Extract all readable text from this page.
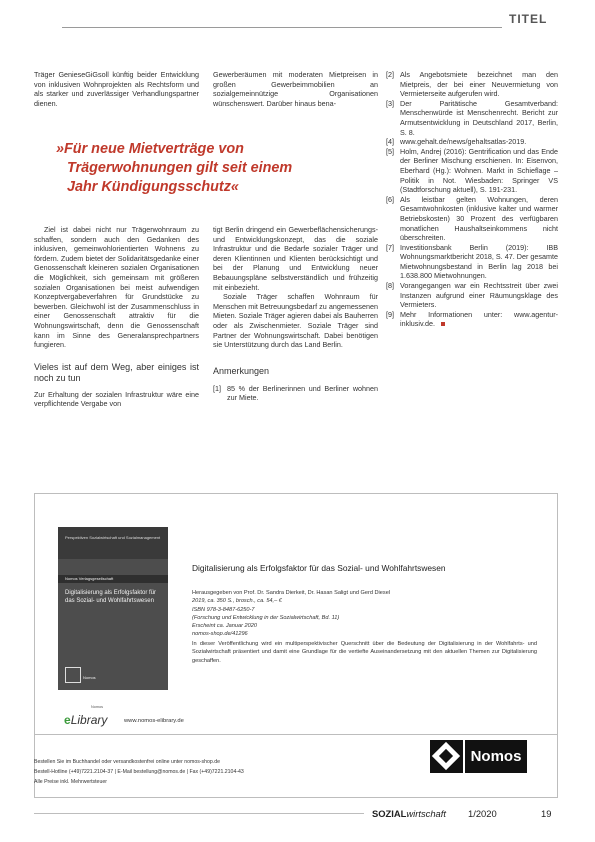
TITEL

Träger GenieseGiGsoll künftig beider Entwicklung von inklusiven Wohnprojekten als Rechtsform und als starker und zuverlässiger Verhandlungspartner dienen.

Gewerberäumen mit moderaten Mietpreisen in großen Gewerbeimmobilien an sozialgemeinnützige Organisationen wünschenswert. Darüber hinaus bena-

»Für neue Mietverträge von
Trägerwohnungen gilt seit einem
Jahr Kündigungsschutz«

Ziel ist dabei nicht nur Trägerwohnraum zu schaffen, sondern auch den Gedanken des inklusiven, gemeinwohlorientierten Wohnens zu fördern. Zudem bietet der Solidaritätsgedanke einer Genossenschaft kleineren sozialen Organisationen die Möglichkeit, sich gemeinsam mit größeren sozialen Organisationen bei meist aufwendigen Konzeptvergabeverfahren für Grundstücke zu bewerben. Gleichwohl ist der Zusammenschluss in einer Genossenschaft attraktiv für die Wohnungswirtschaft, denn die Genossenschaft kann im Sinne des Generalansprechpartners fungieren.

Vieles ist auf dem Weg, aber einiges ist noch zu tun

Zur Erhaltung der sozialen Infrastruktur wäre eine verpflichtende Vergabe von

tigt Berlin dringend ein Gewerbeflächensicherungs- und Entwicklungskonzept, das die soziale Infrastruktur und die Bedarfe sozialer Träger und deren Klientinnen und Klienten berücksichtigt und bei der Planung und Entwicklung neuer Bebauungspläne selbstverständlich und frühzeitig mit einbezieht.

Soziale Träger schaffen Wohnraum für Menschen mit Betreuungsbedarf zu angemessenen Mieten. Soziale Träger agieren dabei als Bauherren oder als Zwischenmieter. Soziale Träger sind Partner der Wohnungswirtschaft. Dabei benötigen sie Unterstützung durch das Land Berlin.

Anmerkungen

[1] 85 % der Berlinerinnen und Berliner wohnen zur Miete.
[2] Als Angebotsmiete bezeichnet man den Mietpreis, der bei einer Neuvermietung von Vermieterseite aufgerufen wird.
[3] Der Paritätische Gesamtverband: Menschenwürde ist Menschenrecht. Bericht zur Armutsentwicklung in Deutschland 2017, Berlin, S. 8.
[4] www.gehalt.de/news/gehaltsatlas-2019.
[5] Holm, Andrej (2016): Gentrification und das Ende der Berliner Mischung erschienen. In: Eisenvon, Eberhard (Hg.): Wohnen. Markt in Schieflage – Politik in Not. Wiesbaden: Springer VS (Stadtforschung aktuell), S. 191-231.
[6] Als leistbar gelten Wohnungen, deren Gesamtwohnkosten (inklusive kalter und warmer Betriebskosten) 30 Prozent des verfügbaren monatlichen Haushaltseinkommens nicht überschreiten.
[7] Investitionsbank Berlin (2019): IBB Wohnungsmarktbericht 2018, S. 47. Der gesamte Mietwohnungsbestand in Berlin lag 2018 bei 1.638.800 Mietwohnungen.
[8] Vorangegangen war ein Rechtsstreit über zwei Instanzen aufgrund einer Räumungsklage des Vermieters.
[9] Mehr Informationen unter: www.agentur-inklusiv.de.
Perspektiven Sozialwirtschaft und Sozialmanagement
Nomos Verlagsgesellschaft
Digitalisierung als Erfolgsfaktor für das Sozial- und Wohlfahrtswesen
Nomos
Digitalisierung als Erfolgsfaktor für das Sozial- und Wohlfahrtswesen
Herausgegeben von Prof. Dr. Sandra Dierkeit, Dr. Hasan Saligt und Gerd Diesel
2019, ca. 350 S., brosch., ca. 54,– €
ISBN 978-3-8487-6250-7
(Forschung und Entwicklung in der Sozialwirtschaft, Bd. 11)
Erscheint ca. Januar 2020
nomos-shop.de/41296
In dieser Veröffentlichung wird ein multiperspektivischer Querschnitt über die Bedeutung der Digitalisierung in der Wohlfahrts- und Sozialwirtschaft präsentiert und damit eine Grundlage für die vertiefte Auseinandersetzung mit den aktuellen Themen zur Digitalisierung geschaffen.
Nomos
eLibrary	www.nomos-elibrary.de
Bestellen Sie im Buchhandel oder versandkostenfrei online unter nomos-shop.de
Bestell-Hotline (+49)7221.2104-37 | E-Mail bestellung@nomos.de | Fax (+49)7221.2104-43
Alle Preise inkl. Mehrwertsteuer
Nomos
SOZIALwirtschaft 1/2020	19
